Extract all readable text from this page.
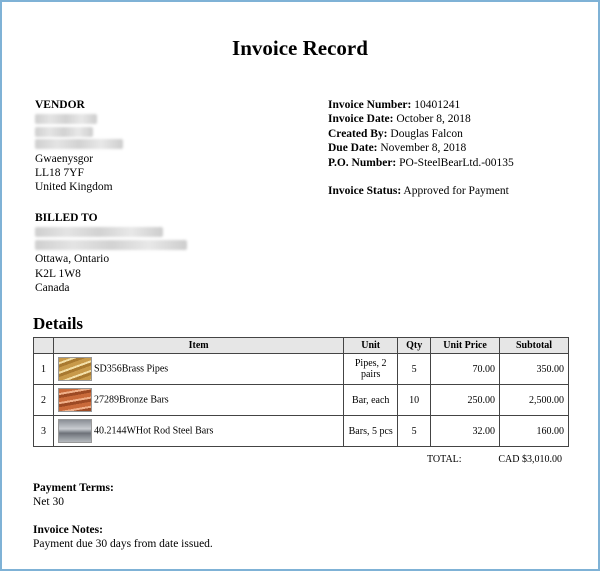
Invoice Record
VENDOR
Gwaenysgor
LL18 7YF
United Kingdom
BILLED TO
Ottawa, Ontario
K2L 1W8
Canada
Invoice Number: 10401241
Invoice Date: October 8, 2018
Created By: Douglas Falcon
Due Date: November 8, 2018
P.O. Number: PO-SteelBearLtd.-00135
Invoice Status: Approved for Payment
Details
	Item	Unit	Qty	Unit Price	Subtotal
1	SD356Brass Pipes	Pipes, 2 pairs	5	70.00	350.00
2	27289Bronze Bars	Bar, each	10	250.00	2,500.00
3	40.2144WHot Rod Steel Bars	Bars, 5 pcs	5	32.00	160.00
TOTAL:	CAD $3,010.00
Payment Terms:
Net 30
Invoice Notes:
Payment due 30 days from date issued.
